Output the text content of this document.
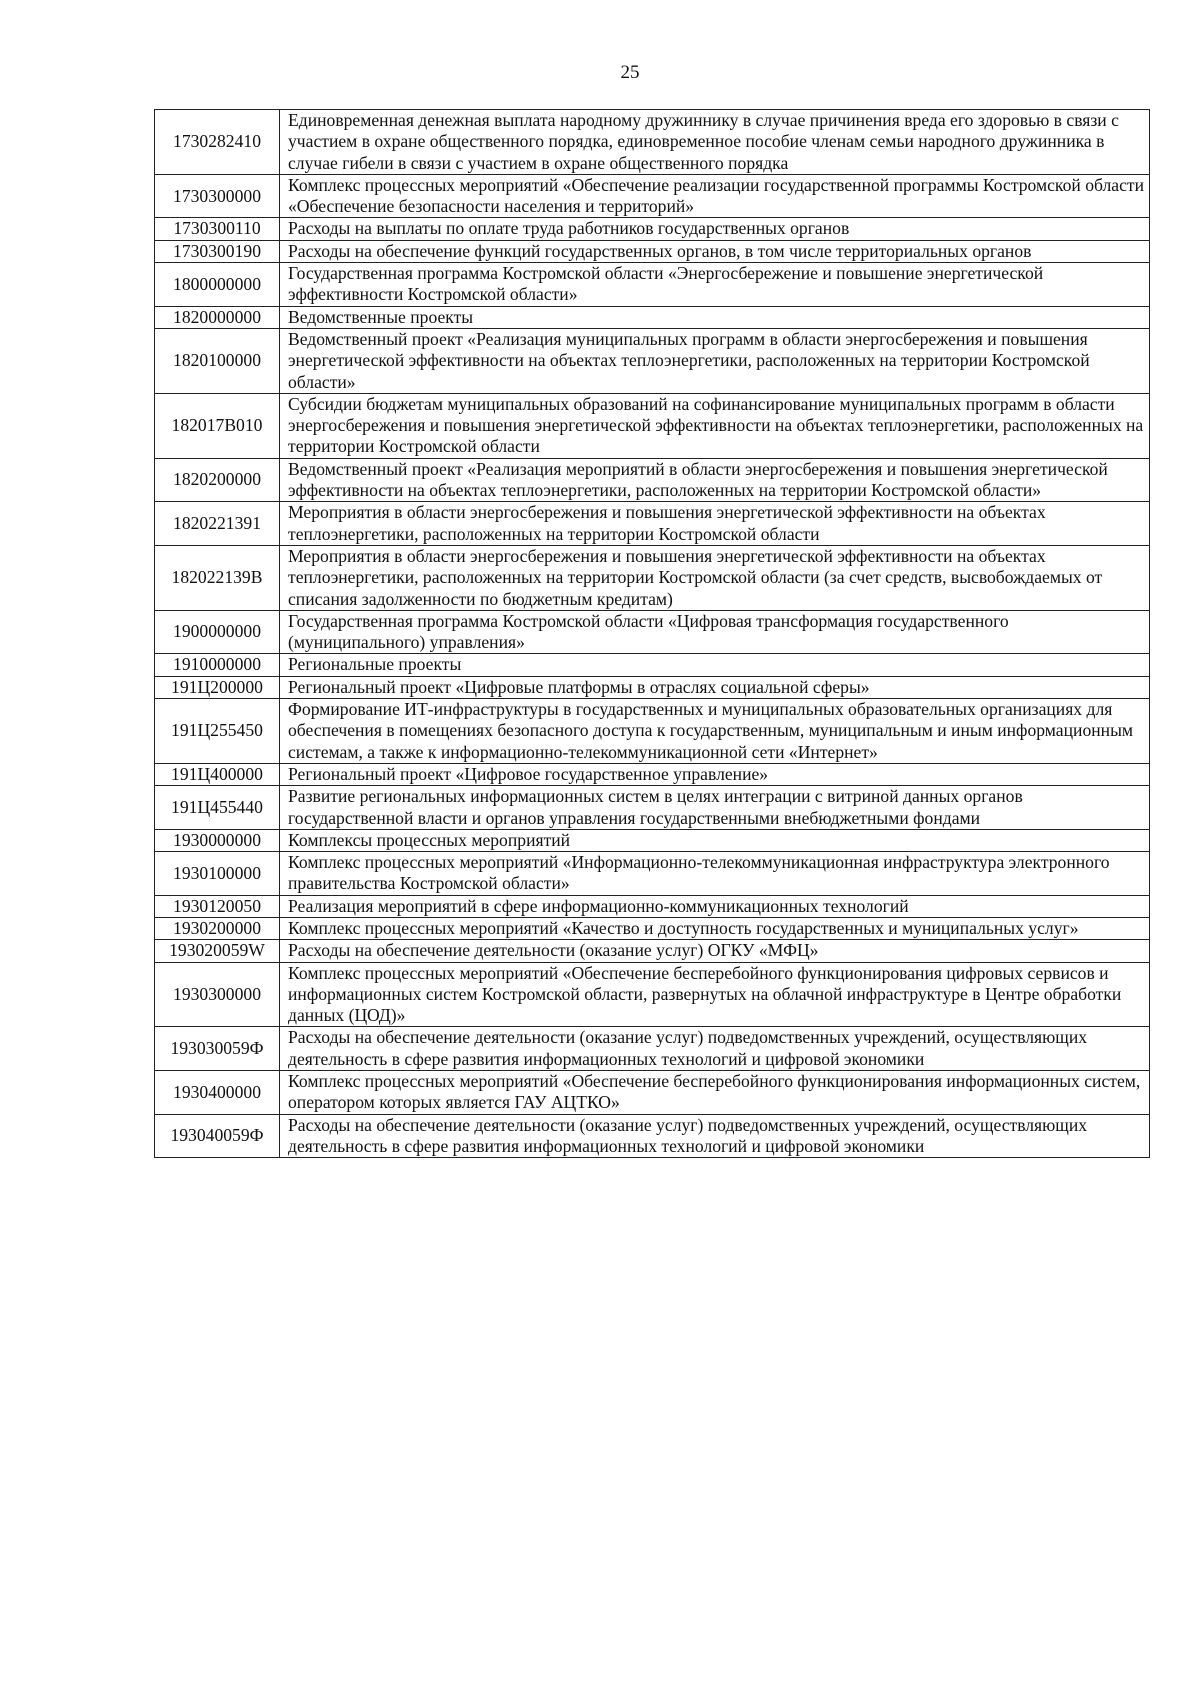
25
1730282410	Единовременная денежная выплата народному дружиннику в случае причинения вреда его здоровью в связи с участием в охране общественного порядка, единовременное пособие членам семьи народного дружинника в случае гибели в связи с участием в охране общественного порядка
1730300000	Комплекс процессных мероприятий «Обеспечение реализации государственной программы Костромской области «Обеспечение безопасности населения и территорий»
1730300110	Расходы на выплаты по оплате труда работников государственных органов
1730300190	Расходы на обеспечение функций государственных органов, в том числе территориальных органов
1800000000	Государственная программа Костромской области «Энергосбережение и повышение энергетической эффективности Костромской области»
1820000000	Ведомственные проекты
1820100000	Ведомственный проект «Реализация муниципальных программ в области энергосбережения и повышения энергетической эффективности на объектах теплоэнергетики, расположенных на территории Костромской области»
182017В010	Субсидии бюджетам муниципальных образований на софинансирование муниципальных программ в области энергосбережения и повышения энергетической эффективности на объектах теплоэнергетики, расположенных на территории Костромской области
1820200000	Ведомственный проект «Реализация мероприятий в области энергосбережения и повышения энергетической эффективности на объектах теплоэнергетики, расположенных на территории Костромской области»
1820221391	Мероприятия в области энергосбережения и повышения энергетической эффективности на объектах теплоэнергетики, расположенных на территории Костромской области
182022139В	Мероприятия в области энергосбережения и повышения энергетической эффективности на объектах теплоэнергетики, расположенных на территории Костромской области (за счет средств, высвобождаемых от списания задолженности по бюджетным кредитам)
1900000000	Государственная программа Костромской области «Цифровая трансформация государственного (муниципального) управления»
1910000000	Региональные проекты
191Ц200000	Региональный проект «Цифровые платформы в отраслях социальной сферы»
191Ц255450	Формирование ИТ-инфраструктуры в государственных и муниципальных образовательных организациях для обеспечения в помещениях безопасного доступа к государственным, муниципальным и иным информационным системам, а также к информационно-телекоммуникационной сети «Интернет»
191Ц400000	Региональный проект «Цифровое государственное управление»
191Ц455440	Развитие региональных информационных систем в целях интеграции с витриной данных органов государственной власти и органов управления государственными внебюджетными фондами
1930000000	Комплексы процессных мероприятий
1930100000	Комплекс процессных мероприятий «Информационно-телекоммуникационная инфраструктура электронного правительства Костромской области»
1930120050	Реализация мероприятий в сфере информационно-коммуникационных технологий
1930200000	Комплекс процессных мероприятий «Качество и доступность государственных и муниципальных услуг»
193020059W	Расходы на обеспечение деятельности (оказание услуг) ОГКУ «МФЦ»
1930300000	Комплекс процессных мероприятий «Обеспечение бесперебойного функционирования цифровых сервисов и информационных систем Костромской области, развернутых на облачной инфраструктуре в Центре обработки данных (ЦОД)»
193030059Ф	Расходы на обеспечение деятельности (оказание услуг) подведомственных учреждений, осуществляющих деятельность в сфере развития информационных технологий и цифровой экономики
1930400000	Комплекс процессных мероприятий «Обеспечение бесперебойного функционирования информационных систем, оператором которых является ГАУ АЦТКО»
193040059Ф	Расходы на обеспечение деятельности (оказание услуг) подведомственных учреждений, осуществляющих деятельность в сфере развития информационных технологий и цифровой экономики
